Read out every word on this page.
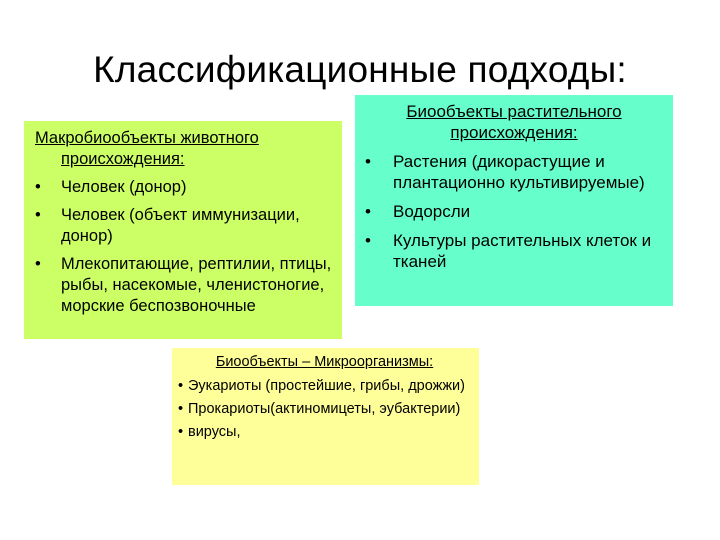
Классификационные подходы:
Макробиообъекты животного
происхождения:
• Человек (донор)
• Человек (объект иммунизации, донор)
• Млекопитающие, рептилии, птицы, рыбы, насекомые, членистоногие, морские беспозвоночные
Биообъекты растительного происхождения:
• Растения (дикорастущие и плантационно культивируемые)
• Водорсли
• Культуры растительных клеток и тканей
Биообъекты – Микроорганизмы:
• Эукариоты (простейшие, грибы, дрожжи)
• Прокариоты(актиномицеты, эубактерии)
• вирусы,
